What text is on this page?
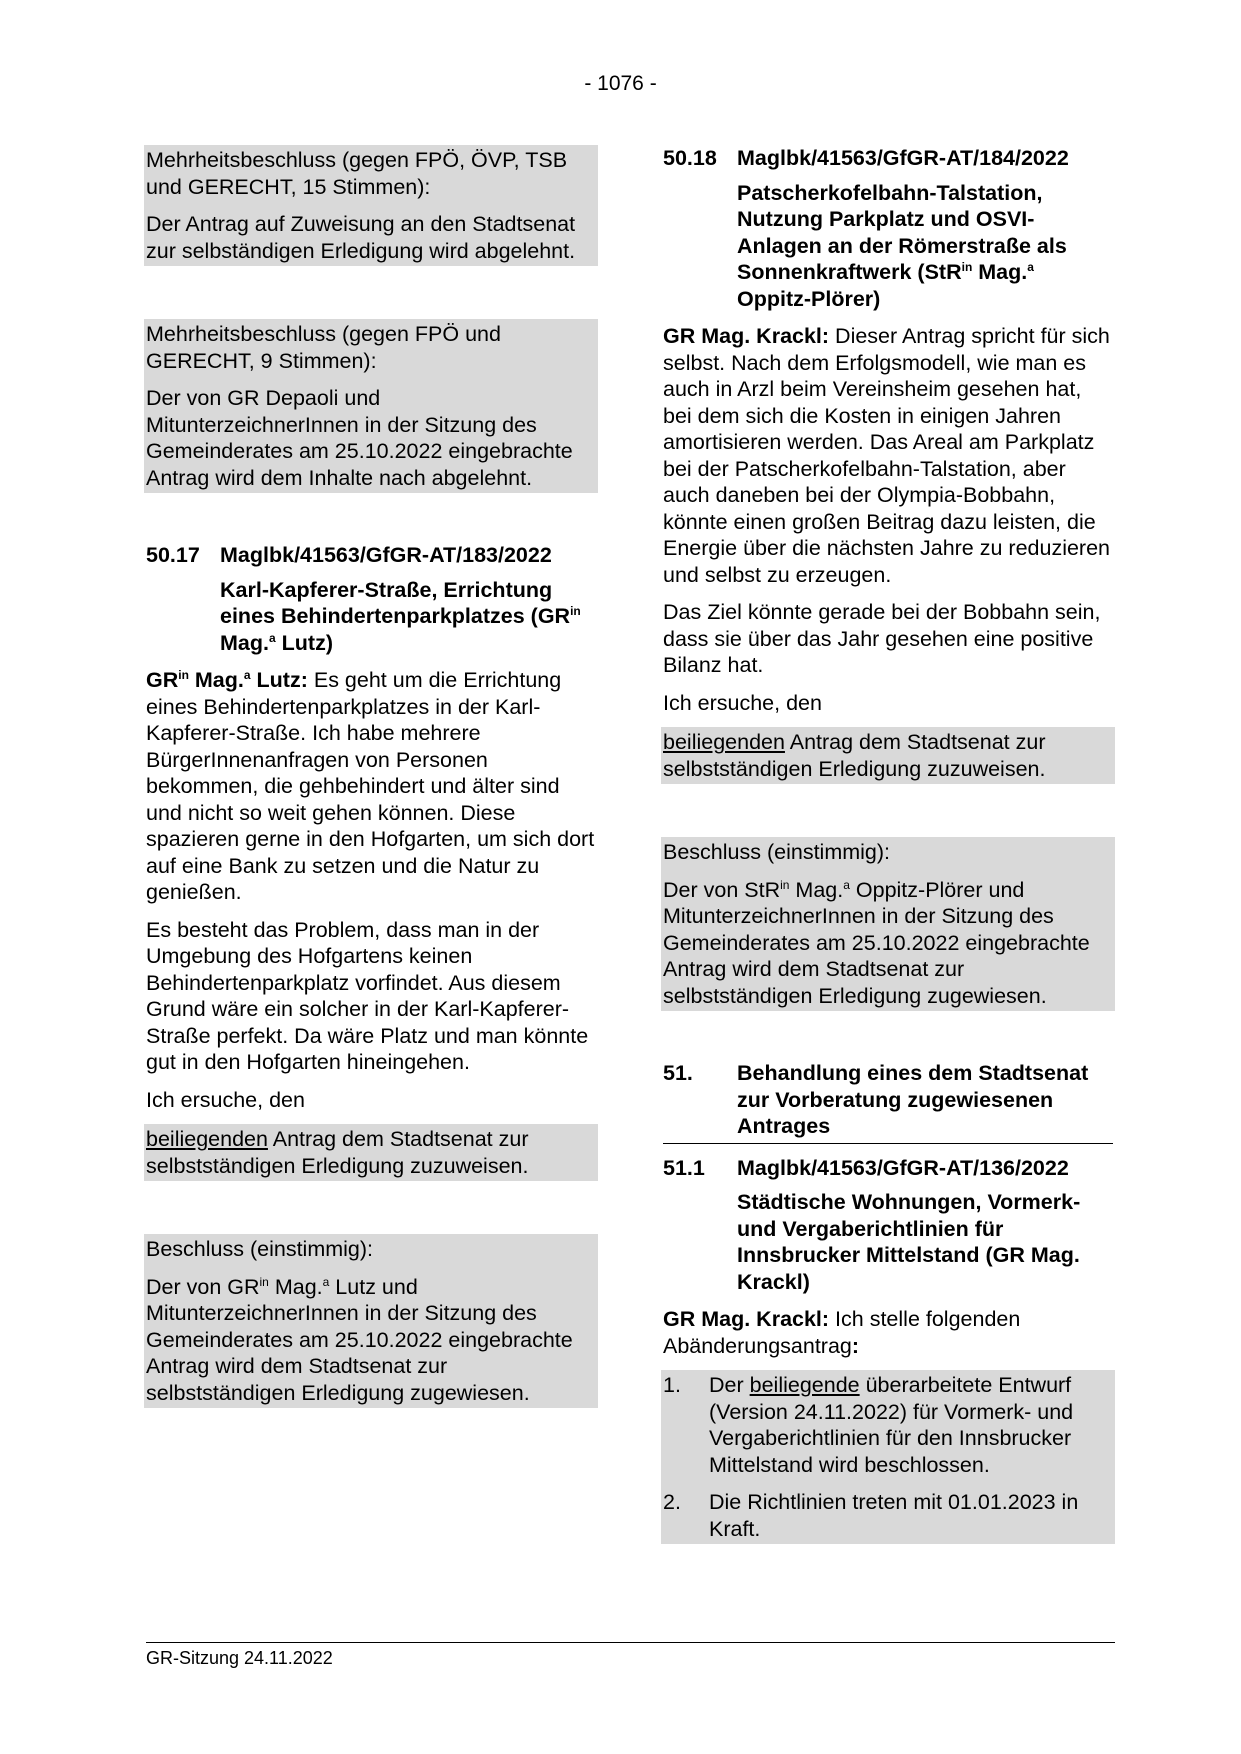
- 1076 -

Mehrheitsbeschluss (gegen FPÖ, ÖVP, TSB und GERECHT, 15 Stimmen):

Der Antrag auf Zuweisung an den Stadtsenat zur selbständigen Erledigung wird abgelehnt.

Mehrheitsbeschluss (gegen FPÖ und GERECHT, 9 Stimmen):

Der von GR Depaoli und MitunterzeichnerInnen in der Sitzung des Gemeinderates am 25.10.2022 eingebrachte Antrag wird dem Inhalte nach abgelehnt.

50.17 Maglbk/41563/GfGR-AT/183/2022
Karl-Kapferer-Straße, Errichtung eines Behindertenparkplatzes ($GR^{in}$ Mag.$^a$ Lutz)

$GR^{in}$ Mag.$^a$ Lutz: Es geht um die Errichtung eines Behindertenparkplatzes in der Karl-Kapferer-Straße. Ich habe mehrere BürgerInnenanfragen von Personen bekommen, die gehbehindert und älter sind und nicht so weit gehen können. Diese spazieren gerne in den Hofgarten, um sich dort auf eine Bank zu setzen und die Natur zu genießen.

Es besteht das Problem, dass man in der Umgebung des Hofgartens keinen Behindertenparkplatz vorfindet. Aus diesem Grund wäre ein solcher in der Karl-Kapferer-Straße perfekt. Da wäre Platz und man könnte gut in den Hofgarten hineingehen.

Ich ersuche, den

beiliegenden Antrag dem Stadtsenat zur selbstständigen Erledigung zuzuweisen.

Beschluss (einstimmig):

Der von $GR^{in}$ Mag.$^a$ Lutz und MitunterzeichnerInnen in der Sitzung des Gemeinderates am 25.10.2022 eingebrachte Antrag wird dem Stadtsenat zur selbstständigen Erledigung zugewiesen.

50.18 Maglbk/41563/GfGR-AT/184/2022
Patscherkofelbahn-Talstation, Nutzung Parkplatz und OSVI-Anlagen an der Römerstraße als Sonnenkraftwerk (StR$^{in}$ Mag.$^a$ Oppitz-Plörer)

GR Mag. Krackl: Dieser Antrag spricht für sich selbst. Nach dem Erfolgsmodell, wie man es auch in Arzl beim Vereinsheim gesehen hat, bei dem sich die Kosten in einigen Jahren amortisieren werden. Das Areal am Parkplatz bei der Patscherkofelbahn-Talstation, aber auch daneben bei der Olympia-Bobbahn, könnte einen großen Beitrag dazu leisten, die Energie über die nächsten Jahre zu reduzieren und selbst zu erzeugen.

Das Ziel könnte gerade bei der Bobbahn sein, dass sie über das Jahr gesehen eine positive Bilanz hat.

Ich ersuche, den

beiliegenden Antrag dem Stadtsenat zur selbstständigen Erledigung zuzuweisen.

Beschluss (einstimmig):

Der von StR$^{in}$ Mag.$^a$ Oppitz-Plörer und MitunterzeichnerInnen in der Sitzung des Gemeinderates am 25.10.2022 eingebrachte Antrag wird dem Stadtsenat zur selbstständigen Erledigung zugewiesen.

51.	Behandlung eines dem Stadtsenat zur Vorberatung zugewiesenen Antrages
51.1	Maglbk/41563/GfGR-AT/136/2022
Städtische Wohnungen, Vormerk- und Vergaberichtlinien für Innsbrucker Mittelstand (GR Mag. Krackl)

GR Mag. Krackl: Ich stelle folgenden Abänderungsantrag:

1.	Der beiliegende überarbeitete Entwurf (Version 24.11.2022) für Vormerk- und Vergaberichtlinien für den Innsbrucker Mittelstand wird beschlossen.
2.	Die Richtlinien treten mit 01.01.2023 in Kraft.
GR-Sitzung 24.11.2022
